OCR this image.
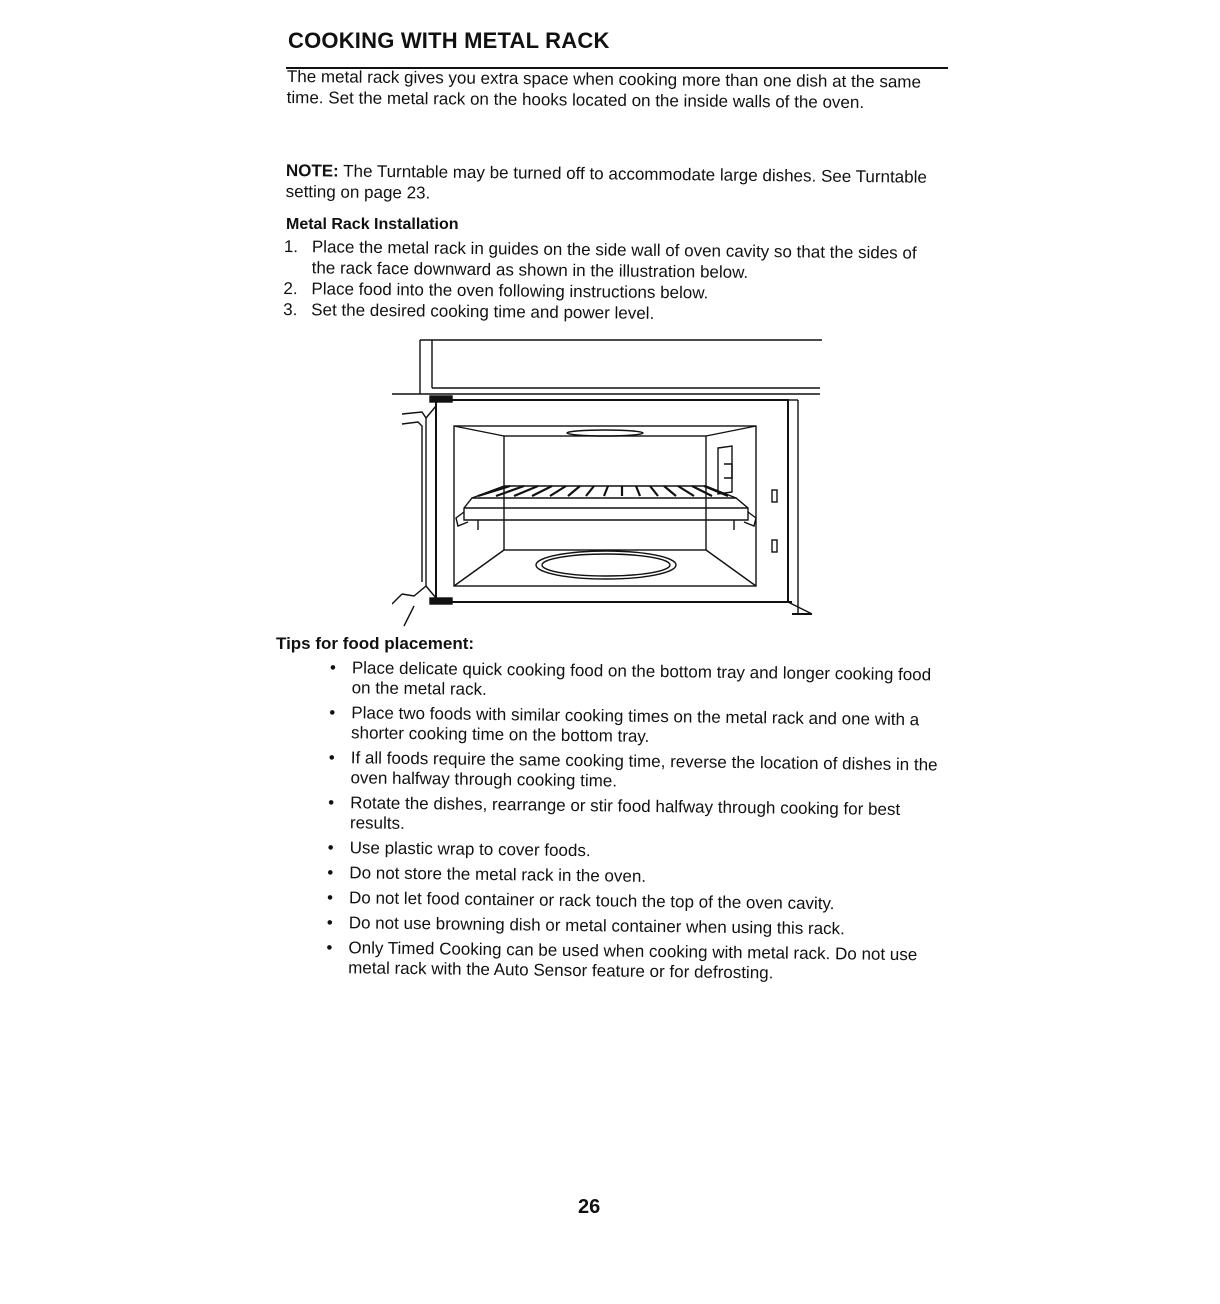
COOKING WITH METAL RACK

The metal rack gives you extra space when cooking more than one dish at the same time. Set the metal rack on the hooks located on the inside walls of the oven.

NOTE: The Turntable may be turned off to accommodate large dishes. See Turntable setting on page 23.

Metal Rack Installation
1. Place the metal rack in guides on the side wall of oven cavity so that the sides of the rack face downward as shown in the illustration below.
2. Place food into the oven following instructions below.
3. Set the desired cooking time and power level.
Tips for food placement:
• Place delicate quick cooking food on the bottom tray and longer cooking food on the metal rack.
• Place two foods with similar cooking times on the metal rack and one with a shorter cooking time on the bottom tray.
• If all foods require the same cooking time, reverse the location of dishes in the oven halfway through cooking time.
• Rotate the dishes, rearrange or stir food halfway through cooking for best results.
• Use plastic wrap to cover foods.
• Do not store the metal rack in the oven.
• Do not let food container or rack touch the top of the oven cavity.
• Do not use browning dish or metal container when using this rack.
• Only Timed Cooking can be used when cooking with metal rack. Do not use metal rack with the Auto Sensor feature or for defrosting.
26
